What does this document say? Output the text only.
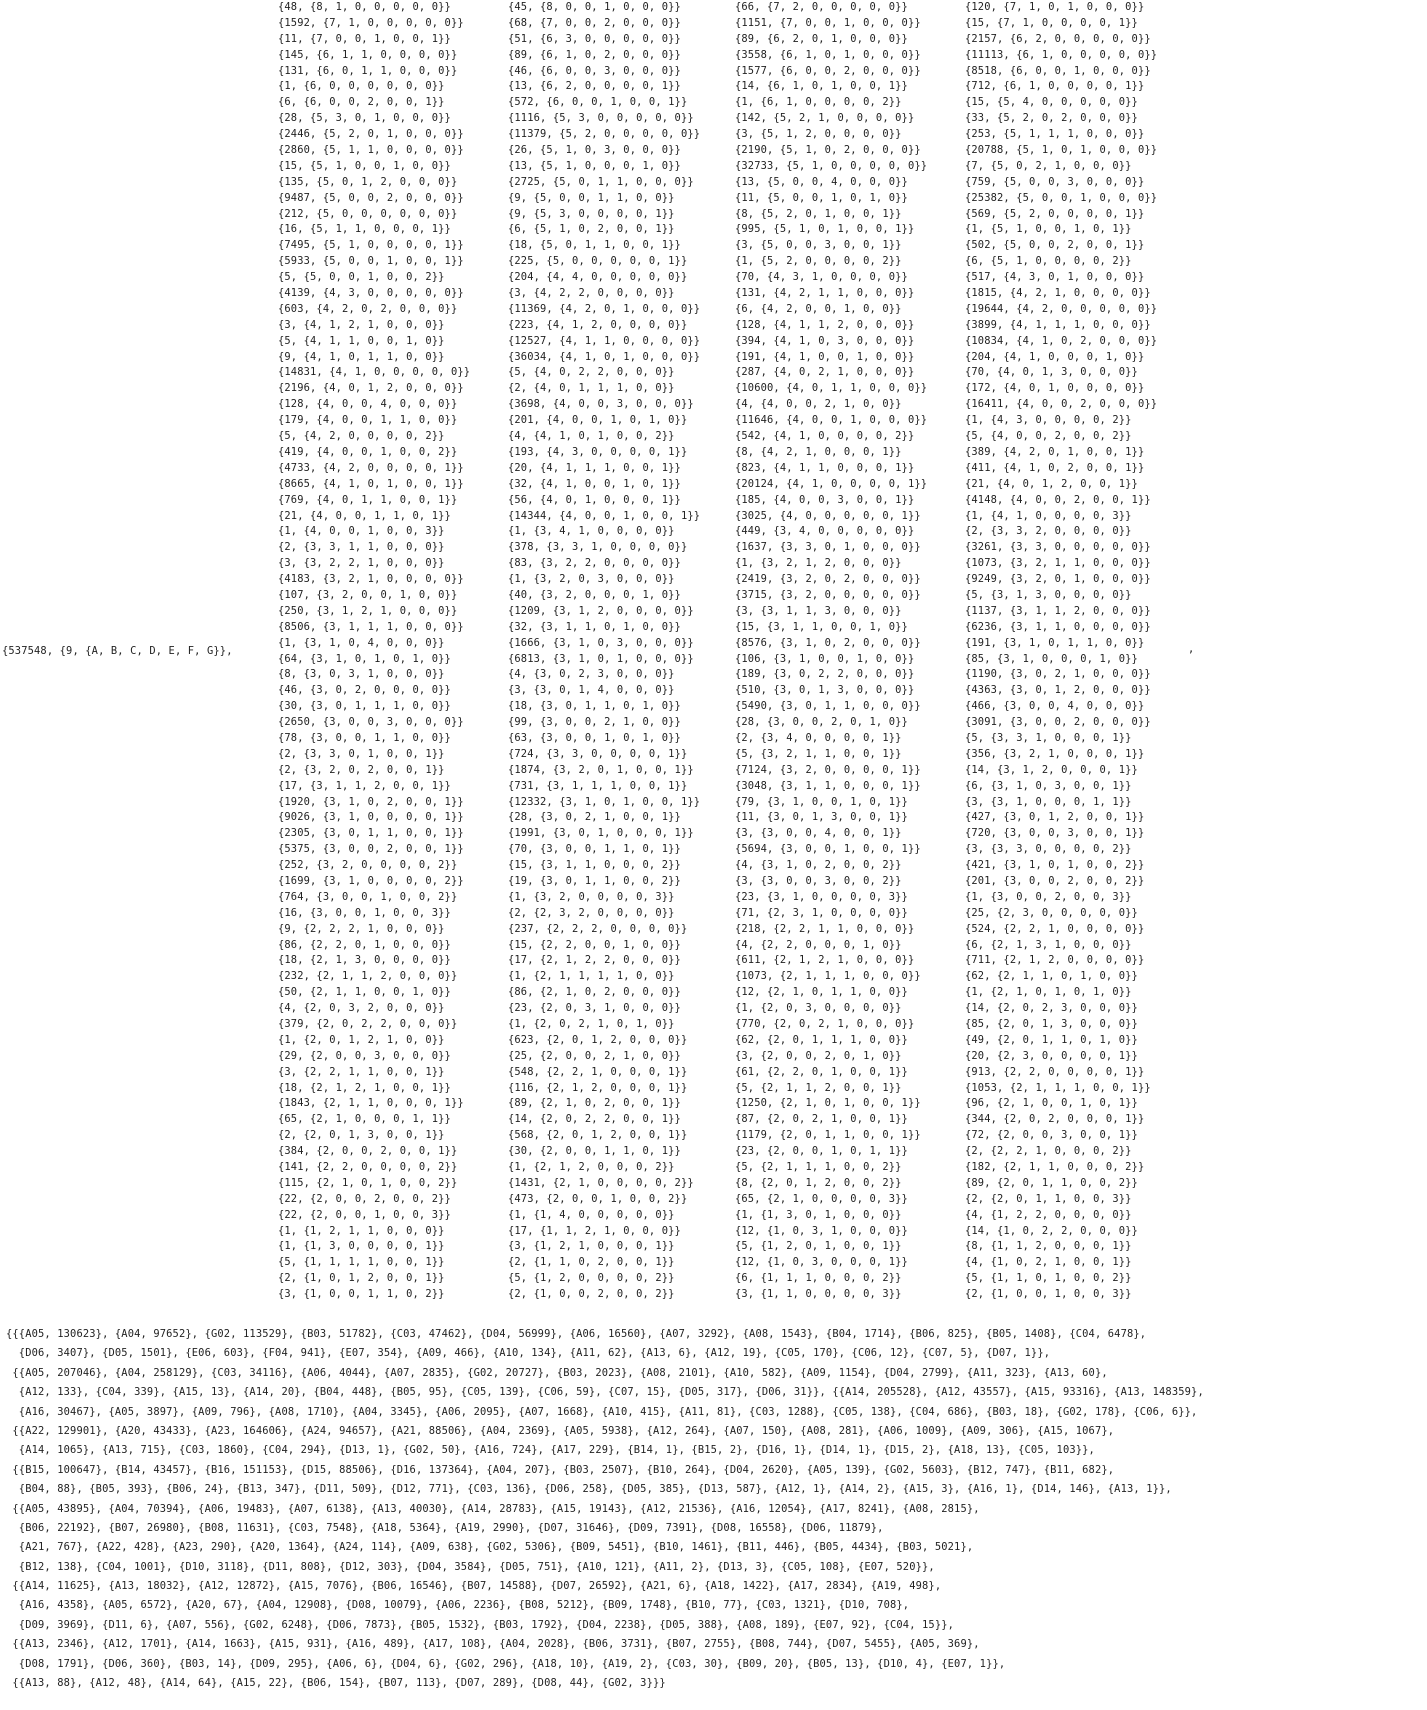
{537548, {9, {A, B, C, D, E, F, G}},
{48, {8, 1, 0, 0, 0, 0, 0}}
{1592, {7, 1, 0, 0, 0, 0, 0}}
{11, {7, 0, 0, 1, 0, 0, 1}}
{145, {6, 1, 1, 0, 0, 0, 0}}
{131, {6, 0, 1, 1, 0, 0, 0}}
{1, {6, 0, 0, 0, 0, 0, 0}}
{6, {6, 0, 0, 2, 0, 0, 1}}
{28, {5, 3, 0, 1, 0, 0, 0}}
{2446, {5, 2, 0, 1, 0, 0, 0}}
{2860, {5, 1, 1, 0, 0, 0, 0}}
{15, {5, 1, 0, 0, 1, 0, 0}}
{135, {5, 0, 1, 2, 0, 0, 0}}
{9487, {5, 0, 0, 2, 0, 0, 0}}
{212, {5, 0, 0, 0, 0, 0, 0}}
{16, {5, 1, 1, 0, 0, 0, 1}}
{7495, {5, 1, 0, 0, 0, 0, 1}}
{5933, {5, 0, 0, 1, 0, 0, 1}}
{5, {5, 0, 0, 1, 0, 0, 2}}
{4139, {4, 3, 0, 0, 0, 0, 0}}
{603, {4, 2, 0, 2, 0, 0, 0}}
{3, {4, 1, 2, 1, 0, 0, 0}}
{5, {4, 1, 1, 0, 0, 1, 0}}
{9, {4, 1, 0, 1, 1, 0, 0}}
{14831, {4, 1, 0, 0, 0, 0, 0}}
{2196, {4, 0, 1, 2, 0, 0, 0}}
{128, {4, 0, 0, 4, 0, 0, 0}}
{179, {4, 0, 0, 1, 1, 0, 0}}
{5, {4, 2, 0, 0, 0, 0, 2}}
{419, {4, 0, 0, 1, 0, 0, 2}}
{4733, {4, 2, 0, 0, 0, 0, 1}}
{8665, {4, 1, 0, 1, 0, 0, 1}}
{769, {4, 0, 1, 1, 0, 0, 1}}
{21, {4, 0, 0, 1, 1, 0, 1}}
{1, {4, 0, 0, 1, 0, 0, 3}}
{2, {3, 3, 1, 1, 0, 0, 0}}
{3, {3, 2, 2, 1, 0, 0, 0}}
{4183, {3, 2, 1, 0, 0, 0, 0}}
{107, {3, 2, 0, 0, 1, 0, 0}}
{250, {3, 1, 2, 1, 0, 0, 0}}
{8506, {3, 1, 1, 1, 0, 0, 0}}
{1, {3, 1, 0, 4, 0, 0, 0}}
{64, {3, 1, 0, 1, 0, 1, 0}}
{8, {3, 0, 3, 1, 0, 0, 0}}
{46, {3, 0, 2, 0, 0, 0, 0}}
{30, {3, 0, 1, 1, 1, 0, 0}}
{2650, {3, 0, 0, 3, 0, 0, 0}}
{78, {3, 0, 0, 1, 1, 0, 0}}
{2, {3, 3, 0, 1, 0, 0, 1}}
{2, {3, 2, 0, 2, 0, 0, 1}}
{17, {3, 1, 1, 2, 0, 0, 1}}
{1920, {3, 1, 0, 2, 0, 0, 1}}
{9026, {3, 1, 0, 0, 0, 0, 1}}
{2305, {3, 0, 1, 1, 0, 0, 1}}
{5375, {3, 0, 0, 2, 0, 0, 1}}
{252, {3, 2, 0, 0, 0, 0, 2}}
{1699, {3, 1, 0, 0, 0, 0, 2}}
{764, {3, 0, 0, 1, 0, 0, 2}}
{16, {3, 0, 0, 1, 0, 0, 3}}
{9, {2, 2, 2, 1, 0, 0, 0}}
{86, {2, 2, 0, 1, 0, 0, 0}}
{18, {2, 1, 3, 0, 0, 0, 0}}
{232, {2, 1, 1, 2, 0, 0, 0}}
{50, {2, 1, 1, 0, 0, 1, 0}}
{4, {2, 0, 3, 2, 0, 0, 0}}
{379, {2, 0, 2, 2, 0, 0, 0}}
{1, {2, 0, 1, 2, 1, 0, 0}}
{29, {2, 0, 0, 3, 0, 0, 0}}
{3, {2, 2, 1, 1, 0, 0, 1}}
{18, {2, 1, 2, 1, 0, 0, 1}}
{1843, {2, 1, 1, 0, 0, 0, 1}}
{65, {2, 1, 0, 0, 0, 1, 1}}
{2, {2, 0, 1, 3, 0, 0, 1}}
{384, {2, 0, 0, 2, 0, 0, 1}}
{141, {2, 2, 0, 0, 0, 0, 2}}
{115, {2, 1, 0, 1, 0, 0, 2}}
{22, {2, 0, 0, 2, 0, 0, 2}}
{22, {2, 0, 0, 1, 0, 0, 3}}
{1, {1, 2, 1, 1, 0, 0, 0}}
{1, {1, 3, 0, 0, 0, 0, 1}}
{5, {1, 1, 1, 1, 0, 0, 1}}
{2, {1, 0, 1, 2, 0, 0, 1}}
{3, {1, 0, 0, 1, 1, 0, 2}}
{45, {8, 0, 0, 1, 0, 0, 0}}
{68, {7, 0, 0, 2, 0, 0, 0}}
{51, {6, 3, 0, 0, 0, 0, 0}}
{89, {6, 1, 0, 2, 0, 0, 0}}
{46, {6, 0, 0, 3, 0, 0, 0}}
{13, {6, 2, 0, 0, 0, 0, 1}}
{572, {6, 0, 0, 1, 0, 0, 1}}
{1116, {5, 3, 0, 0, 0, 0, 0}}
{11379, {5, 2, 0, 0, 0, 0, 0}}
{26, {5, 1, 0, 3, 0, 0, 0}}
{13, {5, 1, 0, 0, 0, 1, 0}}
{2725, {5, 0, 1, 1, 0, 0, 0}}
{9, {5, 0, 0, 1, 1, 0, 0}}
{9, {5, 3, 0, 0, 0, 0, 1}}
{6, {5, 1, 0, 2, 0, 0, 1}}
{18, {5, 0, 1, 1, 0, 0, 1}}
{225, {5, 0, 0, 0, 0, 0, 1}}
{204, {4, 4, 0, 0, 0, 0, 0}}
{3, {4, 2, 2, 0, 0, 0, 0}}
{11369, {4, 2, 0, 1, 0, 0, 0}}
{223, {4, 1, 2, 0, 0, 0, 0}}
{12527, {4, 1, 1, 0, 0, 0, 0}}
{36034, {4, 1, 0, 1, 0, 0, 0}}
{5, {4, 0, 2, 2, 0, 0, 0}}
{2, {4, 0, 1, 1, 1, 0, 0}}
{3698, {4, 0, 0, 3, 0, 0, 0}}
{201, {4, 0, 0, 1, 0, 1, 0}}
{4, {4, 1, 0, 1, 0, 0, 2}}
{193, {4, 3, 0, 0, 0, 0, 1}}
{20, {4, 1, 1, 1, 0, 0, 1}}
{32, {4, 1, 0, 0, 1, 0, 1}}
{56, {4, 0, 1, 0, 0, 0, 1}}
{14344, {4, 0, 0, 1, 0, 0, 1}}
{1, {3, 4, 1, 0, 0, 0, 0}}
{378, {3, 3, 1, 0, 0, 0, 0}}
{83, {3, 2, 2, 0, 0, 0, 0}}
{1, {3, 2, 0, 3, 0, 0, 0}}
{40, {3, 2, 0, 0, 0, 1, 0}}
{1209, {3, 1, 2, 0, 0, 0, 0}}
{32, {3, 1, 1, 0, 1, 0, 0}}
{1666, {3, 1, 0, 3, 0, 0, 0}}
{6813, {3, 1, 0, 1, 0, 0, 0}}
{4, {3, 0, 2, 3, 0, 0, 0}}
{3, {3, 0, 1, 4, 0, 0, 0}}
{18, {3, 0, 1, 1, 0, 1, 0}}
{99, {3, 0, 0, 2, 1, 0, 0}}
{63, {3, 0, 0, 1, 0, 1, 0}}
{724, {3, 3, 0, 0, 0, 0, 1}}
{1874, {3, 2, 0, 1, 0, 0, 1}}
{731, {3, 1, 1, 1, 0, 0, 1}}
{12332, {3, 1, 0, 1, 0, 0, 1}}
{28, {3, 0, 2, 1, 0, 0, 1}}
{1991, {3, 0, 1, 0, 0, 0, 1}}
{70, {3, 0, 0, 1, 1, 0, 1}}
{15, {3, 1, 1, 0, 0, 0, 2}}
{19, {3, 0, 1, 1, 0, 0, 2}}
{1, {3, 2, 0, 0, 0, 0, 3}}
{2, {2, 3, 2, 0, 0, 0, 0}}
{237, {2, 2, 2, 0, 0, 0, 0}}
{15, {2, 2, 0, 0, 1, 0, 0}}
{17, {2, 1, 2, 2, 0, 0, 0}}
{1, {2, 1, 1, 1, 1, 0, 0}}
{86, {2, 1, 0, 2, 0, 0, 0}}
{23, {2, 0, 3, 1, 0, 0, 0}}
{1, {2, 0, 2, 1, 0, 1, 0}}
{623, {2, 0, 1, 2, 0, 0, 0}}
{25, {2, 0, 0, 2, 1, 0, 0}}
{548, {2, 2, 1, 0, 0, 0, 1}}
{116, {2, 1, 2, 0, 0, 0, 1}}
{89, {2, 1, 0, 2, 0, 0, 1}}
{14, {2, 0, 2, 2, 0, 0, 1}}
{568, {2, 0, 1, 2, 0, 0, 1}}
{30, {2, 0, 0, 1, 1, 0, 1}}
{1, {2, 1, 2, 0, 0, 0, 2}}
{1431, {2, 1, 0, 0, 0, 0, 2}}
{473, {2, 0, 0, 1, 0, 0, 2}}
{1, {1, 4, 0, 0, 0, 0, 0}}
{17, {1, 1, 2, 1, 0, 0, 0}}
{3, {1, 2, 1, 0, 0, 0, 1}}
{2, {1, 1, 0, 2, 0, 0, 1}}
{5, {1, 2, 0, 0, 0, 0, 2}}
{2, {1, 0, 0, 2, 0, 0, 2}}
{66, {7, 2, 0, 0, 0, 0, 0}}
{1151, {7, 0, 0, 1, 0, 0, 0}}
{89, {6, 2, 0, 1, 0, 0, 0}}
{3558, {6, 1, 0, 1, 0, 0, 0}}
{1577, {6, 0, 0, 2, 0, 0, 0}}
{14, {6, 1, 0, 1, 0, 0, 1}}
{1, {6, 1, 0, 0, 0, 0, 2}}
{142, {5, 2, 1, 0, 0, 0, 0}}
{3, {5, 1, 2, 0, 0, 0, 0}}
{2190, {5, 1, 0, 2, 0, 0, 0}}
{32733, {5, 1, 0, 0, 0, 0, 0}}
{13, {5, 0, 0, 4, 0, 0, 0}}
{11, {5, 0, 0, 1, 0, 1, 0}}
{8, {5, 2, 0, 1, 0, 0, 1}}
{995, {5, 1, 0, 1, 0, 0, 1}}
{3, {5, 0, 0, 3, 0, 0, 1}}
{1, {5, 2, 0, 0, 0, 0, 2}}
{70, {4, 3, 1, 0, 0, 0, 0}}
{131, {4, 2, 1, 1, 0, 0, 0}}
{6, {4, 2, 0, 0, 1, 0, 0}}
{128, {4, 1, 1, 2, 0, 0, 0}}
{394, {4, 1, 0, 3, 0, 0, 0}}
{191, {4, 1, 0, 0, 1, 0, 0}}
{287, {4, 0, 2, 1, 0, 0, 0}}
{10600, {4, 0, 1, 1, 0, 0, 0}}
{4, {4, 0, 0, 2, 1, 0, 0}}
{11646, {4, 0, 0, 1, 0, 0, 0}}
{542, {4, 1, 0, 0, 0, 0, 2}}
{8, {4, 2, 1, 0, 0, 0, 1}}
{823, {4, 1, 1, 0, 0, 0, 1}}
{20124, {4, 1, 0, 0, 0, 0, 1}}
{185, {4, 0, 0, 3, 0, 0, 1}}
{3025, {4, 0, 0, 0, 0, 0, 1}}
{449, {3, 4, 0, 0, 0, 0, 0}}
{1637, {3, 3, 0, 1, 0, 0, 0}}
{1, {3, 2, 1, 2, 0, 0, 0}}
{2419, {3, 2, 0, 2, 0, 0, 0}}
{3715, {3, 2, 0, 0, 0, 0, 0}}
{3, {3, 1, 1, 3, 0, 0, 0}}
{15, {3, 1, 1, 0, 0, 1, 0}}
{8576, {3, 1, 0, 2, 0, 0, 0}}
{106, {3, 1, 0, 0, 1, 0, 0}}
{189, {3, 0, 2, 2, 0, 0, 0}}
{510, {3, 0, 1, 3, 0, 0, 0}}
{5490, {3, 0, 1, 1, 0, 0, 0}}
{28, {3, 0, 0, 2, 0, 1, 0}}
{2, {3, 4, 0, 0, 0, 0, 1}}
{5, {3, 2, 1, 1, 0, 0, 1}}
{7124, {3, 2, 0, 0, 0, 0, 1}}
{3048, {3, 1, 1, 0, 0, 0, 1}}
{79, {3, 1, 0, 0, 1, 0, 1}}
{11, {3, 0, 1, 3, 0, 0, 1}}
{3, {3, 0, 0, 4, 0, 0, 1}}
{5694, {3, 0, 0, 1, 0, 0, 1}}
{4, {3, 1, 0, 2, 0, 0, 2}}
{3, {3, 0, 0, 3, 0, 0, 2}}
{23, {3, 1, 0, 0, 0, 0, 3}}
{71, {2, 3, 1, 0, 0, 0, 0}}
{218, {2, 2, 1, 1, 0, 0, 0}}
{4, {2, 2, 0, 0, 0, 1, 0}}
{611, {2, 1, 2, 1, 0, 0, 0}}
{1073, {2, 1, 1, 1, 0, 0, 0}}
{12, {2, 1, 0, 1, 1, 0, 0}}
{1, {2, 0, 3, 0, 0, 0, 0}}
{770, {2, 0, 2, 1, 0, 0, 0}}
{62, {2, 0, 1, 1, 1, 0, 0}}
{3, {2, 0, 0, 2, 0, 1, 0}}
{61, {2, 2, 0, 1, 0, 0, 1}}
{5, {2, 1, 1, 2, 0, 0, 1}}
{1250, {2, 1, 0, 1, 0, 0, 1}}
{87, {2, 0, 2, 1, 0, 0, 1}}
{1179, {2, 0, 1, 1, 0, 0, 1}}
{23, {2, 0, 0, 1, 0, 1, 1}}
{5, {2, 1, 1, 1, 0, 0, 2}}
{8, {2, 0, 1, 2, 0, 0, 2}}
{65, {2, 1, 0, 0, 0, 0, 3}}
{1, {1, 3, 0, 1, 0, 0, 0}}
{12, {1, 0, 3, 1, 0, 0, 0}}
{5, {1, 2, 0, 1, 0, 0, 1}}
{12, {1, 0, 3, 0, 0, 0, 1}}
{6, {1, 1, 1, 0, 0, 0, 2}}
{3, {1, 1, 0, 0, 0, 0, 3}}
{120, {7, 1, 0, 1, 0, 0, 0}}
{15, {7, 1, 0, 0, 0, 0, 1}}
{2157, {6, 2, 0, 0, 0, 0, 0}}
{11113, {6, 1, 0, 0, 0, 0, 0}}
{8518, {6, 0, 0, 1, 0, 0, 0}}
{712, {6, 1, 0, 0, 0, 0, 1}}
{15, {5, 4, 0, 0, 0, 0, 0}}
{33, {5, 2, 0, 2, 0, 0, 0}}
{253, {5, 1, 1, 1, 0, 0, 0}}
{20788, {5, 1, 0, 1, 0, 0, 0}}
{7, {5, 0, 2, 1, 0, 0, 0}}
{759, {5, 0, 0, 3, 0, 0, 0}}
{25382, {5, 0, 0, 1, 0, 0, 0}}
{569, {5, 2, 0, 0, 0, 0, 1}}
{1, {5, 1, 0, 0, 1, 0, 1}}
{502, {5, 0, 0, 2, 0, 0, 1}}
{6, {5, 1, 0, 0, 0, 0, 2}}
{517, {4, 3, 0, 1, 0, 0, 0}}
{1815, {4, 2, 1, 0, 0, 0, 0}}
{19644, {4, 2, 0, 0, 0, 0, 0}}
{3899, {4, 1, 1, 1, 0, 0, 0}}
{10834, {4, 1, 0, 2, 0, 0, 0}}
{204, {4, 1, 0, 0, 0, 1, 0}}
{70, {4, 0, 1, 3, 0, 0, 0}}
{172, {4, 0, 1, 0, 0, 0, 0}}
{16411, {4, 0, 0, 2, 0, 0, 0}}
{1, {4, 3, 0, 0, 0, 0, 2}}
{5, {4, 0, 0, 2, 0, 0, 2}}
{389, {4, 2, 0, 1, 0, 0, 1}}
{411, {4, 1, 0, 2, 0, 0, 1}}
{21, {4, 0, 1, 2, 0, 0, 1}}
{4148, {4, 0, 0, 2, 0, 0, 1}}
{1, {4, 1, 0, 0, 0, 0, 3}}
{2, {3, 3, 2, 0, 0, 0, 0}}
{3261, {3, 3, 0, 0, 0, 0, 0}}
{1073, {3, 2, 1, 1, 0, 0, 0}}
{9249, {3, 2, 0, 1, 0, 0, 0}}
{5, {3, 1, 3, 0, 0, 0, 0}}
{1137, {3, 1, 1, 2, 0, 0, 0}}
{6236, {3, 1, 1, 0, 0, 0, 0}}
{191, {3, 1, 0, 1, 1, 0, 0}}
{85, {3, 1, 0, 0, 0, 1, 0}}
{1190, {3, 0, 2, 1, 0, 0, 0}}
{4363, {3, 0, 1, 2, 0, 0, 0}}
{466, {3, 0, 0, 4, 0, 0, 0}}
{3091, {3, 0, 0, 2, 0, 0, 0}}
{5, {3, 3, 1, 0, 0, 0, 1}}
{356, {3, 2, 1, 0, 0, 0, 1}}
{14, {3, 1, 2, 0, 0, 0, 1}}
{6, {3, 1, 0, 3, 0, 0, 1}}
{3, {3, 1, 0, 0, 0, 1, 1}}
{427, {3, 0, 1, 2, 0, 0, 1}}
{720, {3, 0, 0, 3, 0, 0, 1}}
{3, {3, 3, 0, 0, 0, 0, 2}}
{421, {3, 1, 0, 1, 0, 0, 2}}
{201, {3, 0, 0, 2, 0, 0, 2}}
{1, {3, 0, 0, 2, 0, 0, 3}}
{25, {2, 3, 0, 0, 0, 0, 0}}
{524, {2, 2, 1, 0, 0, 0, 0}}
{6, {2, 1, 3, 1, 0, 0, 0}}
{711, {2, 1, 2, 0, 0, 0, 0}}
{62, {2, 1, 1, 0, 1, 0, 0}}
{1, {2, 1, 0, 1, 0, 1, 0}}
{14, {2, 0, 2, 3, 0, 0, 0}}
{85, {2, 0, 1, 3, 0, 0, 0}}
{49, {2, 0, 1, 1, 0, 1, 0}}
{20, {2, 3, 0, 0, 0, 0, 1}}
{913, {2, 2, 0, 0, 0, 0, 1}}
{1053, {2, 1, 1, 1, 0, 0, 1}}
{96, {2, 1, 0, 0, 1, 0, 1}}
{344, {2, 0, 2, 0, 0, 0, 1}}
{72, {2, 0, 0, 3, 0, 0, 1}}
{2, {2, 2, 1, 0, 0, 0, 2}}
{182, {2, 1, 1, 0, 0, 0, 2}}
{89, {2, 0, 1, 1, 0, 0, 2}}
{2, {2, 0, 1, 1, 0, 0, 3}}
{4, {1, 2, 2, 0, 0, 0, 0}}
{14, {1, 0, 2, 2, 0, 0, 0}}
{8, {1, 1, 2, 0, 0, 0, 1}}
{4, {1, 0, 2, 1, 0, 0, 1}}
{5, {1, 1, 0, 1, 0, 0, 2}}
{2, {1, 0, 0, 1, 0, 0, 3}}
,
{{{A05, 130623}, {A04, 97652}, {G02, 113529}, {B03, 51782}, {C03, 47462}, {D04, 56999}, {A06, 16560}, {A07, 3292}, {A08, 1543}, {B04, 1714}, {B06, 825}, {B05, 1408}, {C04, 6478},
{D06, 3407}, {D05, 1501}, {E06, 603}, {F04, 941}, {E07, 354}, {A09, 466}, {A10, 134}, {A11, 62}, {A13, 6}, {A12, 19}, {C05, 170}, {C06, 12}, {C07, 5}, {D07, 1}},
{{A05, 207046}, {A04, 258129}, {C03, 34116}, {A06, 4044}, {A07, 2835}, {G02, 20727}, {B03, 2023}, {A08, 2101}, {A10, 582}, {A09, 1154}, {D04, 2799}, {A11, 323}, {A13, 60},
{A12, 133}, {C04, 339}, {A15, 13}, {A14, 20}, {B04, 448}, {B05, 95}, {C05, 139}, {C06, 59}, {C07, 15}, {D05, 317}, {D06, 31}}, {{A14, 205528}, {A12, 43557}, {A15, 93316}, {A13, 148359},
{A16, 30467}, {A05, 3897}, {A09, 796}, {A08, 1710}, {A04, 3345}, {A06, 2095}, {A07, 1668}, {A10, 415}, {A11, 81}, {C03, 1288}, {C05, 138}, {C04, 686}, {B03, 18}, {G02, 178}, {C06, 6}},
{{A22, 129901}, {A20, 43433}, {A23, 164606}, {A24, 94657}, {A21, 88506}, {A04, 2369}, {A05, 5938}, {A12, 264}, {A07, 150}, {A08, 281}, {A06, 1009}, {A09, 306}, {A15, 1067},
{A14, 1065}, {A13, 715}, {C03, 1860}, {C04, 294}, {D13, 1}, {G02, 50}, {A16, 724}, {A17, 229}, {B14, 1}, {B15, 2}, {D16, 1}, {D14, 1}, {D15, 2}, {A18, 13}, {C05, 103}},
{{B15, 100647}, {B14, 43457}, {B16, 151153}, {D15, 88506}, {D16, 137364}, {A04, 207}, {B03, 2507}, {B10, 264}, {D04, 2620}, {A05, 139}, {G02, 5603}, {B12, 747}, {B11, 682},
{B04, 88}, {B05, 393}, {B06, 24}, {B13, 347}, {D11, 509}, {D12, 771}, {C03, 136}, {D06, 258}, {D05, 385}, {D13, 587}, {A12, 1}, {A14, 2}, {A15, 3}, {A16, 1}, {D14, 146}, {A13, 1}},
{{A05, 43895}, {A04, 70394}, {A06, 19483}, {A07, 6138}, {A13, 40030}, {A14, 28783}, {A15, 19143}, {A12, 21536}, {A16, 12054}, {A17, 8241}, {A08, 2815},
{B06, 22192}, {B07, 26980}, {B08, 11631}, {C03, 7548}, {A18, 5364}, {A19, 2990}, {D07, 31646}, {D09, 7391}, {D08, 16558}, {D06, 11879},
{A21, 767}, {A22, 428}, {A23, 290}, {A20, 1364}, {A24, 114}, {A09, 638}, {G02, 5306}, {B09, 5451}, {B10, 1461}, {B11, 446}, {B05, 4434}, {B03, 5021},
{B12, 138}, {C04, 1001}, {D10, 3118}, {D11, 808}, {D12, 303}, {D04, 3584}, {D05, 751}, {A10, 121}, {A11, 2}, {D13, 3}, {C05, 108}, {E07, 520}},
{{A14, 11625}, {A13, 18032}, {A12, 12872}, {A15, 7076}, {B06, 16546}, {B07, 14588}, {D07, 26592}, {A21, 6}, {A18, 1422}, {A17, 2834}, {A19, 498},
{A16, 4358}, {A05, 6572}, {A20, 67}, {A04, 12908}, {D08, 10079}, {A06, 2236}, {B08, 5212}, {B09, 1748}, {B10, 77}, {C03, 1321}, {D10, 708},
{D09, 3969}, {D11, 6}, {A07, 556}, {G02, 6248}, {D06, 7873}, {B05, 1532}, {B03, 1792}, {D04, 2238}, {D05, 388}, {A08, 189}, {E07, 92}, {C04, 15}},
{{A13, 2346}, {A12, 1701}, {A14, 1663}, {A15, 931}, {A16, 489}, {A17, 108}, {A04, 2028}, {B06, 3731}, {B07, 2755}, {B08, 744}, {D07, 5455}, {A05, 369},
{D08, 1791}, {D06, 360}, {B03, 14}, {D09, 295}, {A06, 6}, {D04, 6}, {G02, 296}, {A18, 10}, {A19, 2}, {C03, 30}, {B09, 20}, {B05, 13}, {D10, 4}, {E07, 1}},
{{A13, 88}, {A12, 48}, {A14, 64}, {A15, 22}, {B06, 154}, {B07, 113}, {D07, 289}, {D08, 44}, {G02, 3}}}
